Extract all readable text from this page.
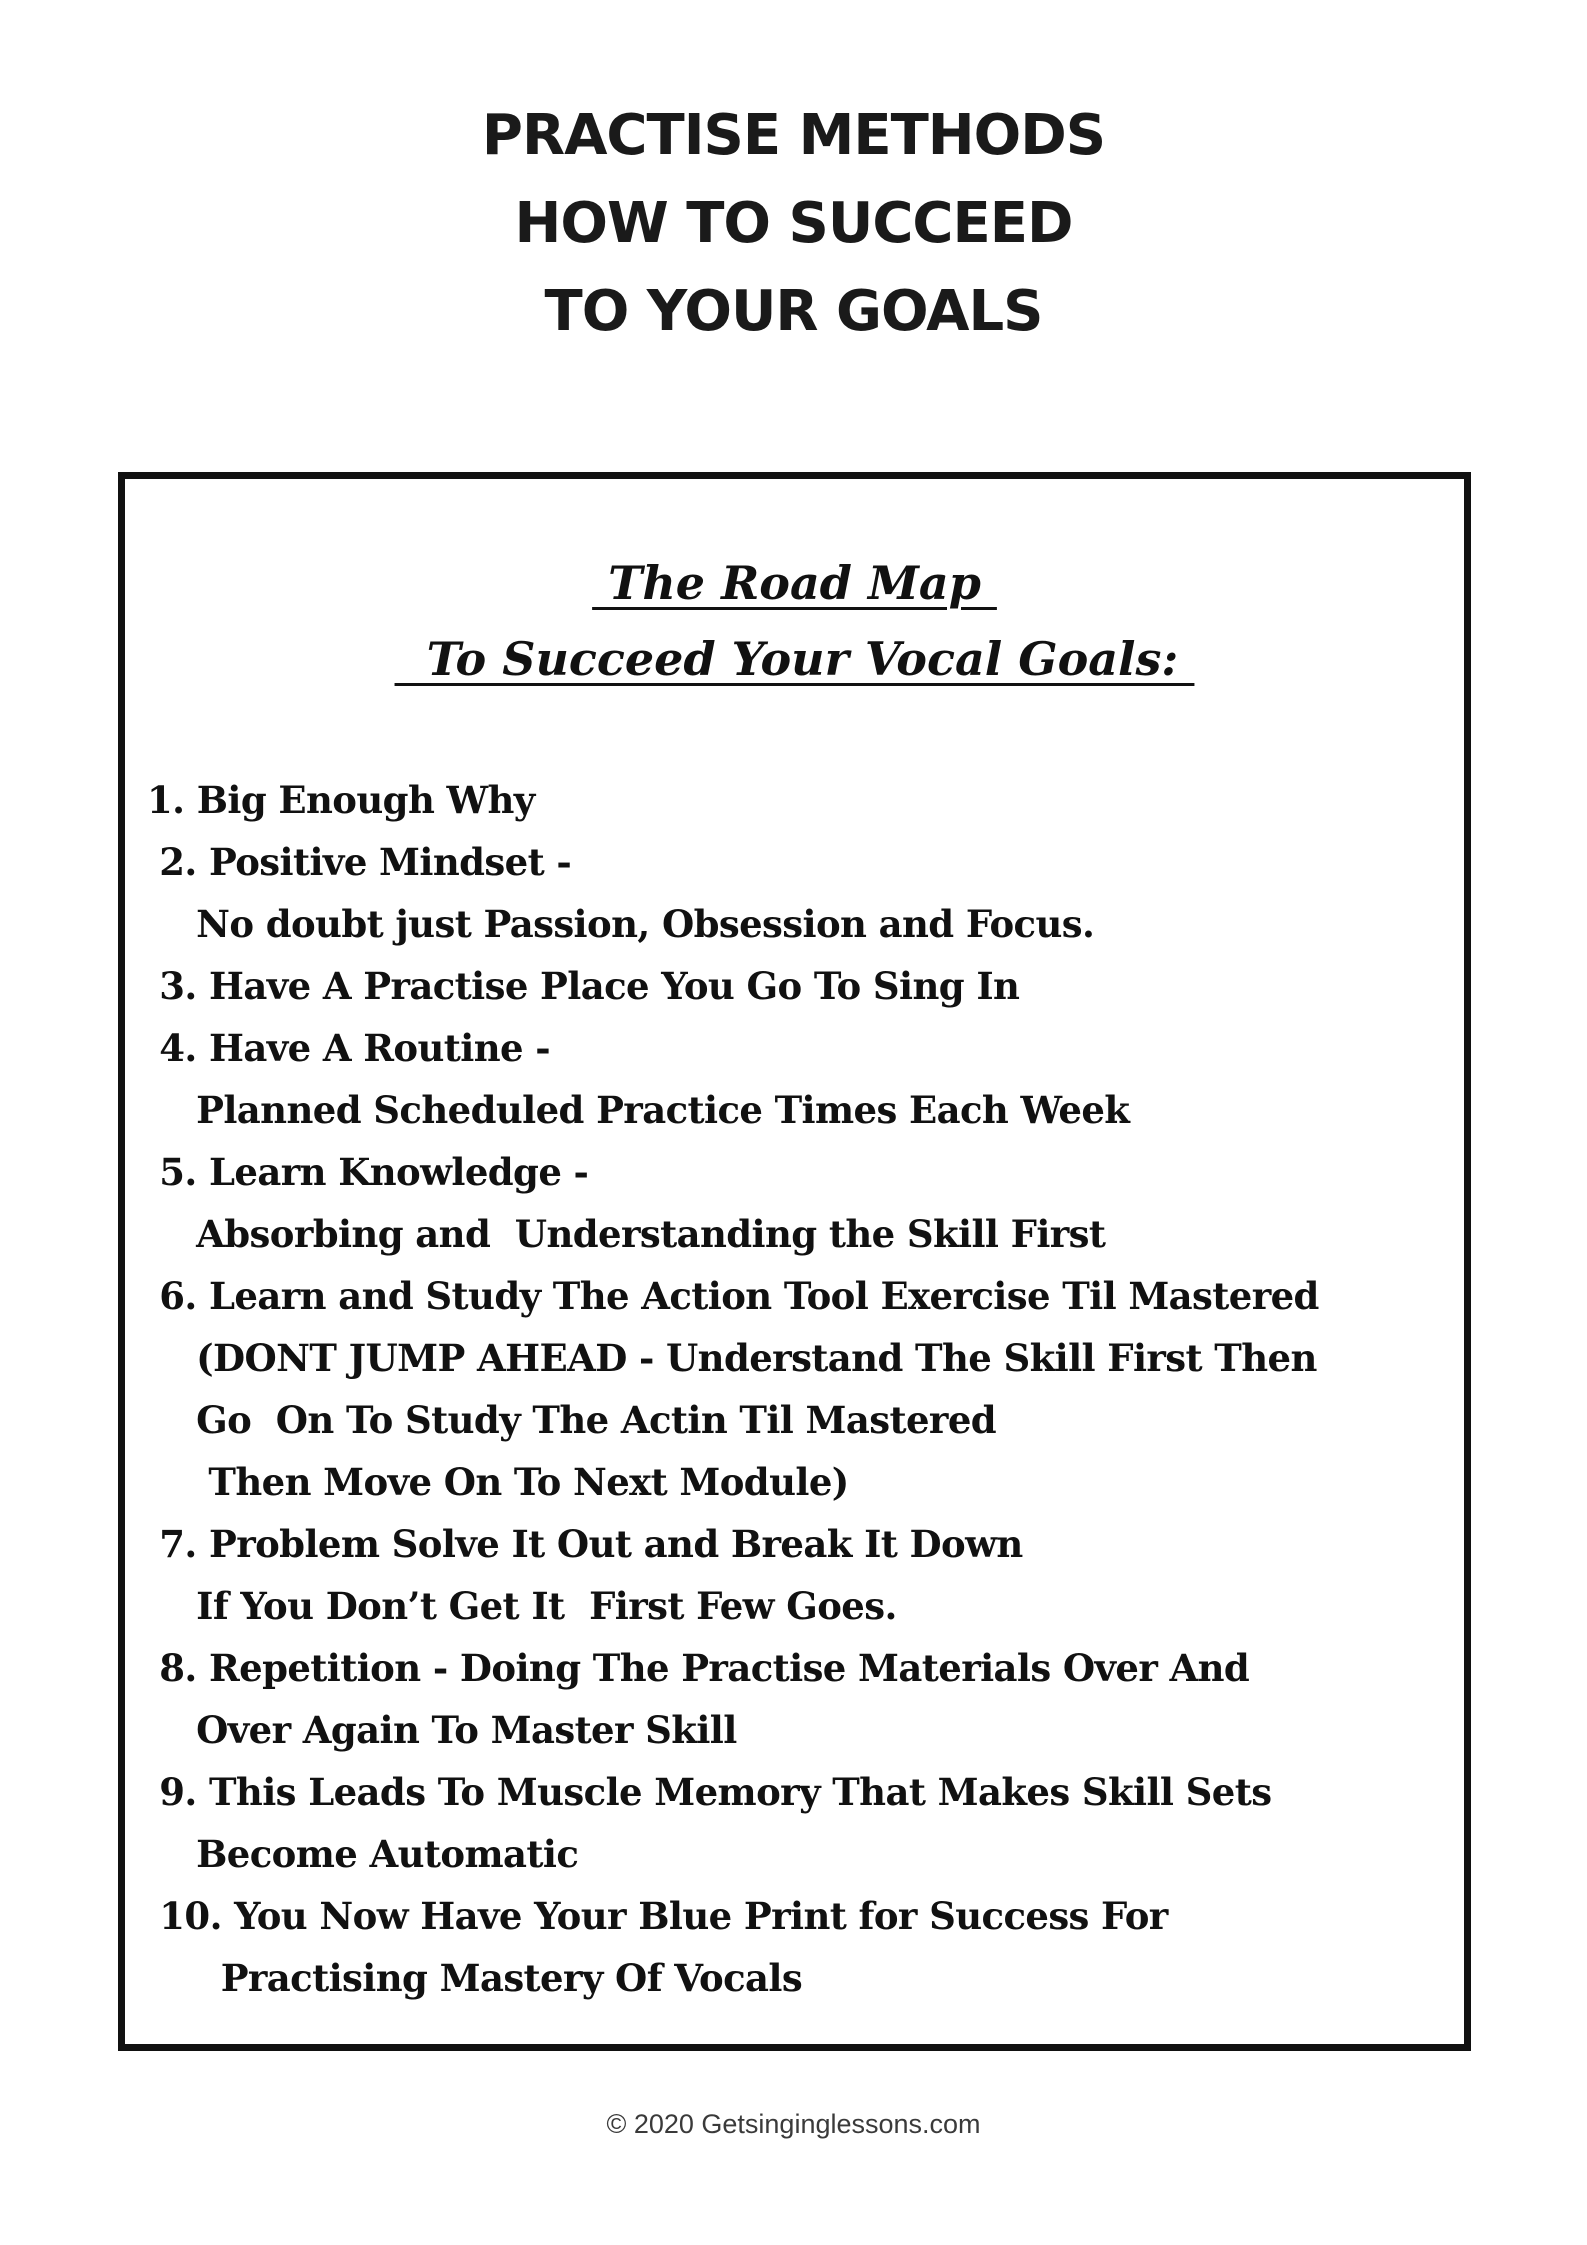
PRACTISE METHODS
HOW TO SUCCEED
TO YOUR GOALS
The Road Map
To Succeed Your Vocal Goals:
1. Big Enough Why
2. Positive Mindset -
No doubt just Passion, Obsession and Focus.
3. Have A Practise Place You Go To Sing In
4. Have A Routine -
Planned Scheduled Practice Times Each Week
5. Learn Knowledge -
Absorbing and  Understanding the Skill First
6. Learn and Study The Action Tool Exercise Til Mastered
(DONT JUMP AHEAD - Understand The Skill First Then
Go  On To Study The Actin Til Mastered
Then Move On To Next Module)
7. Problem Solve It Out and Break It Down
If You Don’t Get It  First Few Goes.
8. Repetition - Doing The Practise Materials Over And
Over Again To Master Skill
9. This Leads To Muscle Memory That Makes Skill Sets
Become Automatic
10. You Now Have Your Blue Print for Success For
Practising Mastery Of Vocals
© 2020 Getsinginglessons.com
